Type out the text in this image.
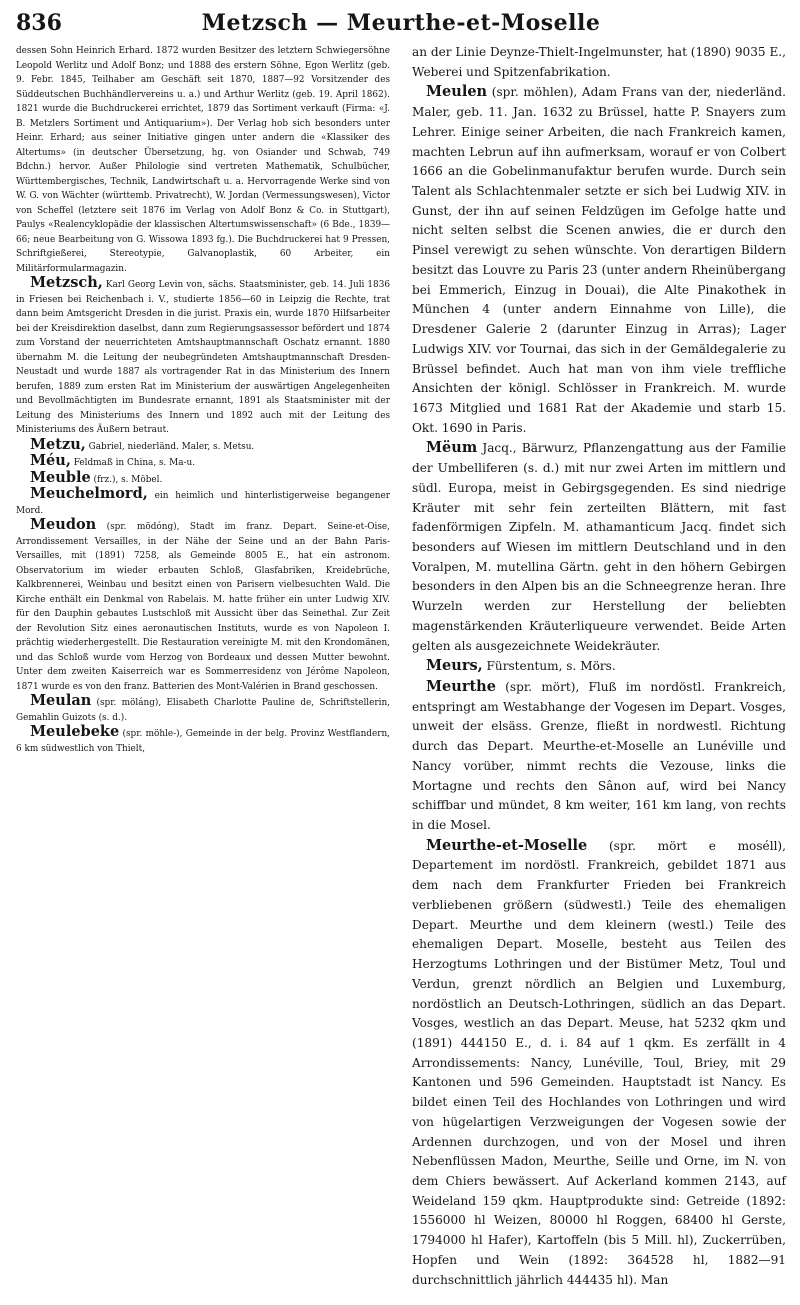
836	Metzsch — Meurthe-et-Moselle

dessen Sohn Heinrich Erhard. 1872 wurden Besitzer des letztern Schwiegersöhne Leopold Werlitz und Adolf Bonz; und 1888 des erstern Söhne, Egon Werlitz (geb. 9. Febr. 1845, Teilhaber am Geschäft seit 1870, 1887—92 Vorsitzender des Süddeutschen Buchhändlervereins u. a.) und Arthur Werlitz (geb. 19. April 1862). 1821 wurde die Buchdruckerei errichtet, 1879 das Sortiment verkauft (Firma: «J. B. Metzlers Sortiment und Antiquarium»). Der Verlag hob sich besonders unter Heinr. Erhard; aus seiner Initiative gingen unter andern die «Klassiker des Altertums» (in deutscher Übersetzung, hg. von Osiander und Schwab, 749 Bdchn.) hervor. Außer Philologie sind vertreten Mathematik, Schulbücher, Württembergisches, Technik, Landwirtschaft u. a. Hervorragende Werke sind von W. G. von Wächter (württemb. Privatrecht), W. Jordan (Vermessungswesen), Victor von Scheffel (letztere seit 1876 im Verlag von Adolf Bonz & Co. in Stuttgart), Paulys «Realencyklopädie der klassischen Altertumswissenschaft» (6 Bde., 1839—66; neue Bearbeitung von G. Wissowa 1893 fg.). Die Buchdruckerei hat 9 Pressen, Schriftgießerei, Stereotypie, Galvanoplastik, 60 Arbeiter, ein Militärformularmagazin.

Metzsch, Karl Georg Levin von, sächs. Staatsminister, geb. 14. Juli 1836 in Friesen bei Reichenbach i. V., studierte 1856—60 in Leipzig die Rechte, trat dann beim Amtsgericht Dresden in die jurist. Praxis ein, wurde 1870 Hilfsarbeiter bei der Kreisdirektion daselbst, dann zum Regierungsassessor befördert und 1874 zum Vorstand der neuerrichteten Amtshauptmannschaft Oschatz ernannt. 1880 übernahm M. die Leitung der neubegründeten Amtshauptmannschaft Dresden-Neustadt und wurde 1887 als vortragender Rat in das Ministerium des Innern berufen, 1889 zum ersten Rat im Ministerium der auswärtigen Angelegenheiten und Bevollmächtigten im Bundesrate ernannt, 1891 als Staatsminister mit der Leitung des Ministeriums des Innern und 1892 auch mit der Leitung des Ministeriums des Äußern betraut.

Metzu, Gabriel, niederländ. Maler, s. Metsu.

Méu, Feldmaß in China, s. Ma-u.

Meuble (frz.), s. Möbel.

Meuchelmord, ein heimlich und hinterlistigerweise begangener Mord.

Meudon (spr. mödóng), Stadt im franz. Depart. Seine-et-Oise, Arrondissement Versailles, in der Nähe der Seine und an der Bahn Paris-Versailles, mit (1891) 7258, als Gemeinde 8005 E., hat ein astronom. Observatorium im wieder erbauten Schloß, Glasfabriken, Kreidebrüche, Kalkbrennerei, Weinbau und besitzt einen von Parisern vielbesuchten Wald. Die Kirche enthält ein Denkmal von Rabelais. M. hatte früher ein unter Ludwig XIV. für den Dauphin gebautes Lustschloß mit Aussicht über das Seinethal. Zur Zeit der Revolution Sitz eines aeronautischen Instituts, wurde es von Napoleon I. prächtig wiederhergestellt. Die Restauration vereinigte M. mit den Krondomänen, und das Schloß wurde vom Herzog von Bordeaux und dessen Mutter bewohnt. Unter dem zweiten Kaiserreich war es Sommerresidenz von Jérôme Napoleon, 1871 wurde es von den franz. Batterien des Mont-Valérien in Brand geschossen.

Meulan (spr. möláng), Elisabeth Charlotte Pauline de, Schriftstellerin, Gemahlin Guizots (s. d.).

Meulebeke (spr. möhle-), Gemeinde in der belg. Provinz Westflandern, 6 km südwestlich von Thielt,

an der Linie Deynze-Thielt-Ingelmunster, hat (1890) 9035 E., Weberei und Spitzenfabrikation.

Meulen (spr. möhlen), Adam Frans van der, niederländ. Maler, geb. 11. Jan. 1632 zu Brüssel, hatte P. Snayers zum Lehrer. Einige seiner Arbeiten, die nach Frankreich kamen, machten Lebrun auf ihn aufmerksam, worauf er von Colbert 1666 an die Gobelinmanufaktur berufen wurde. Durch sein Talent als Schlachtenmaler setzte er sich bei Ludwig XIV. in Gunst, der ihn auf seinen Feldzügen im Gefolge hatte und nicht selten selbst die Scenen anwies, die er durch den Pinsel verewigt zu sehen wünschte. Von derartigen Bildern besitzt das Louvre zu Paris 23 (unter andern Rheinübergang bei Emmerich, Einzug in Douai), die Alte Pinakothek in München 4 (unter andern Einnahme von Lille), die Dresdener Galerie 2 (darunter Einzug in Arras); Lager Ludwigs XIV. vor Tournai, das sich in der Gemäldegalerie zu Brüssel befindet. Auch hat man von ihm viele treffliche Ansichten der königl. Schlösser in Frankreich. M. wurde 1673 Mitglied und 1681 Rat der Akademie und starb 15. Okt. 1690 in Paris.

Mëum Jacq., Bärwurz, Pflanzengattung aus der Familie der Umbelliferen (s. d.) mit nur zwei Arten im mittlern und südl. Europa, meist in Gebirgsgegenden. Es sind niedrige Kräuter mit sehr fein zerteilten Blättern, mit fast fadenförmigen Zipfeln. M. athamanticum Jacq. findet sich besonders auf Wiesen im mittlern Deutschland und in den Voralpen, M. mutellina Gärtn. geht in den höhern Gebirgen besonders in den Alpen bis an die Schneegrenze heran. Ihre Wurzeln werden zur Herstellung der beliebten magenstärkenden Kräuterliqueure verwendet. Beide Arten gelten als ausgezeichnete Weidekräuter.

Meurs, Fürstentum, s. Mörs.

Meurthe (spr. mört), Fluß im nordöstl. Frankreich, entspringt am Westabhange der Vogesen im Depart. Vosges, unweit der elsäss. Grenze, fließt in nordwestl. Richtung durch das Depart. Meurthe-et-Moselle an Lunéville und Nancy vorüber, nimmt rechts die Vezouse, links die Mortagne und rechts den Sânon auf, wird bei Nancy schiffbar und mündet, 8 km weiter, 161 km lang, von rechts in die Mosel.

Meurthe-et-Moselle (spr. mört e moséll), Departement im nordöstl. Frankreich, gebildet 1871 aus dem nach dem Frankfurter Frieden bei Frankreich verbliebenen größern (südwestl.) Teile des ehemaligen Depart. Meurthe und dem kleinern (westl.) Teile des ehemaligen Depart. Moselle, besteht aus Teilen des Herzogtums Lothringen und der Bistümer Metz, Toul und Verdun, grenzt nördlich an Belgien und Luxemburg, nordöstlich an Deutsch-Lothringen, südlich an das Depart. Vosges, westlich an das Depart. Meuse, hat 5232 qkm und (1891) 444150 E., d. i. 84 auf 1 qkm. Es zerfällt in 4 Arrondissements: Nancy, Lunéville, Toul, Briey, mit 29 Kantonen und 596 Gemeinden. Hauptstadt ist Nancy. Es bildet einen Teil des Hochlandes von Lothringen und wird von hügelartigen Verzweigungen der Vogesen sowie der Ardennen durchzogen, und von der Mosel und ihren Nebenflüssen Madon, Meurthe, Seille und Orne, im N. von dem Chiers bewässert. Auf Ackerland kommen 2143, auf Weideland 159 qkm. Hauptprodukte sind: Getreide (1892: 1556000 hl Weizen, 80000 hl Roggen, 68400 hl Gerste, 1794000 hl Hafer), Kartoffeln (bis 5 Mill. hl), Zuckerrüben, Hopfen und Wein (1892: 364528 hl, 1882—91 durchschnittlich jährlich 444435 hl). Man
